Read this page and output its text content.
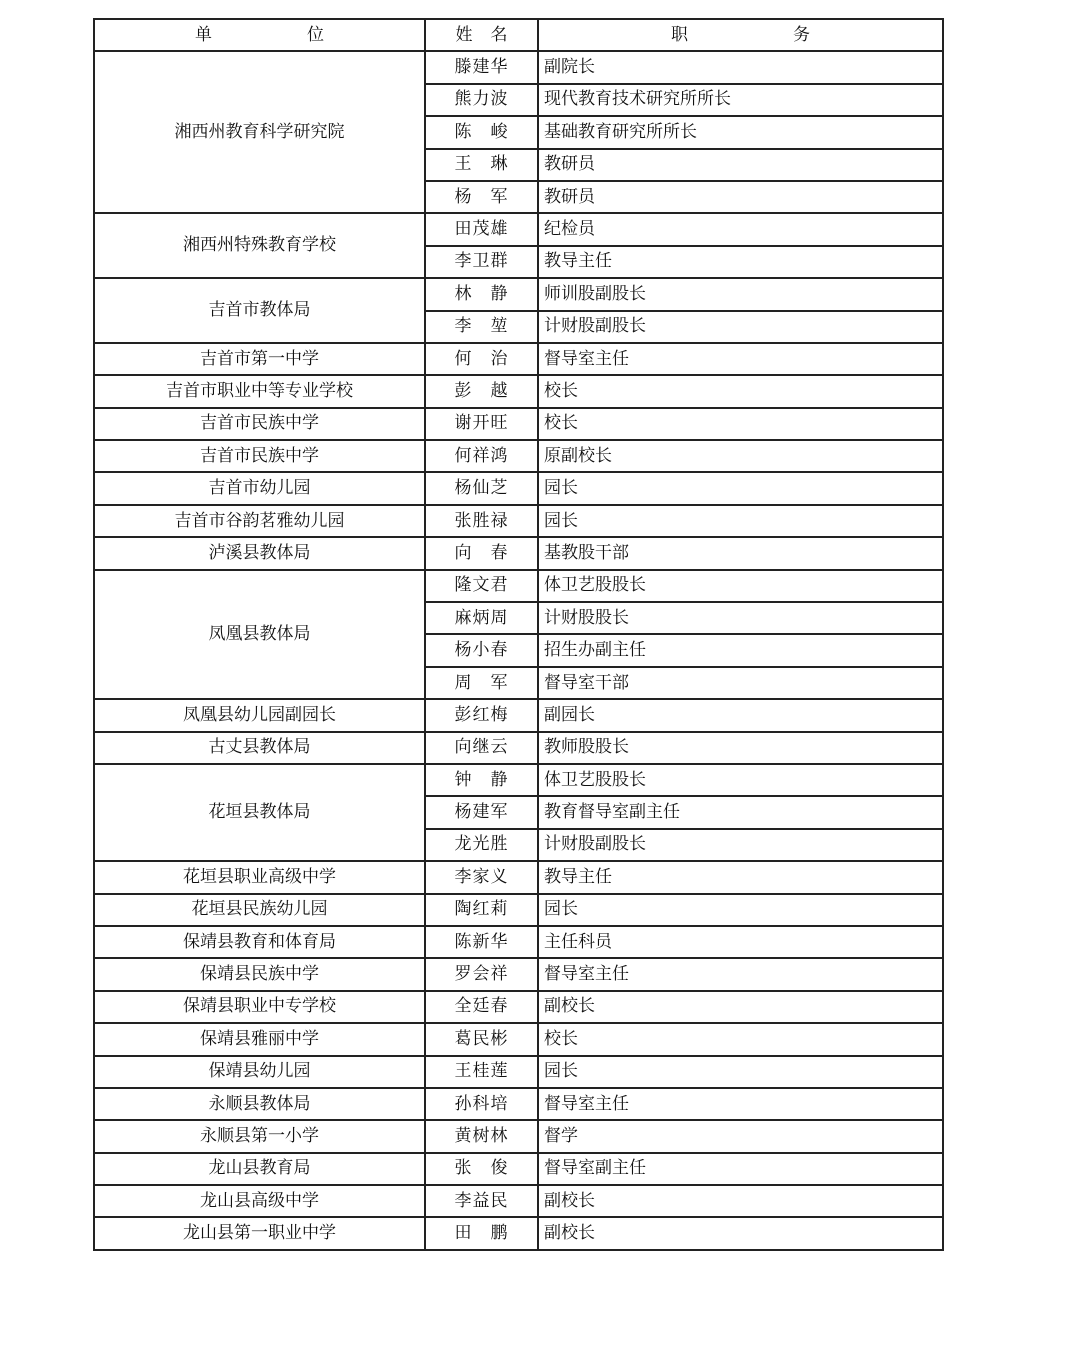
单 位	姓 名	职 务
湘西州教育科学研究院	滕建华	副院长
	熊力波	现代教育技术研究所所长
	陈　峻	基础教育研究所所长
	王　琳	教研员
	杨　军	教研员
湘西州特殊教育学校	田茂雄	纪检员
	李卫群	教导主任
吉首市教体局	林　静	师训股副股长
	李　堃	计财股副股长
吉首市第一中学	何　治	督导室主任
吉首市职业中等专业学校	彭　越	校长
吉首市民族中学	谢开旺	校长
吉首市民族中学	何祥鸿	原副校长
吉首市幼儿园	杨仙芝	园长
吉首市谷韵茗雅幼儿园	张胜禄	园长
泸溪县教体局	向　春	基教股干部
凤凰县教体局	隆文君	体卫艺股股长
	麻炳周	计财股股长
	杨小春	招生办副主任
	周　军	督导室干部
凤凰县幼儿园副园长	彭红梅	副园长
古丈县教体局	向继云	教师股股长
花垣县教体局	钟　静	体卫艺股股长
	杨建军	教育督导室副主任
	龙光胜	计财股副股长
花垣县职业高级中学	李家义	教导主任
花垣县民族幼儿园	陶红莉	园长
保靖县教育和体育局	陈新华	主任科员
保靖县民族中学	罗会祥	督导室主任
保靖县职业中专学校	全廷春	副校长
保靖县雅丽中学	葛民彬	校长
保靖县幼儿园	王桂莲	园长
永顺县教体局	孙科培	督导室主任
永顺县第一小学	黄树林	督学
龙山县教育局	张　俊	督导室副主任
龙山县高级中学	李益民	副校长
龙山县第一职业中学	田　鹏	副校长
